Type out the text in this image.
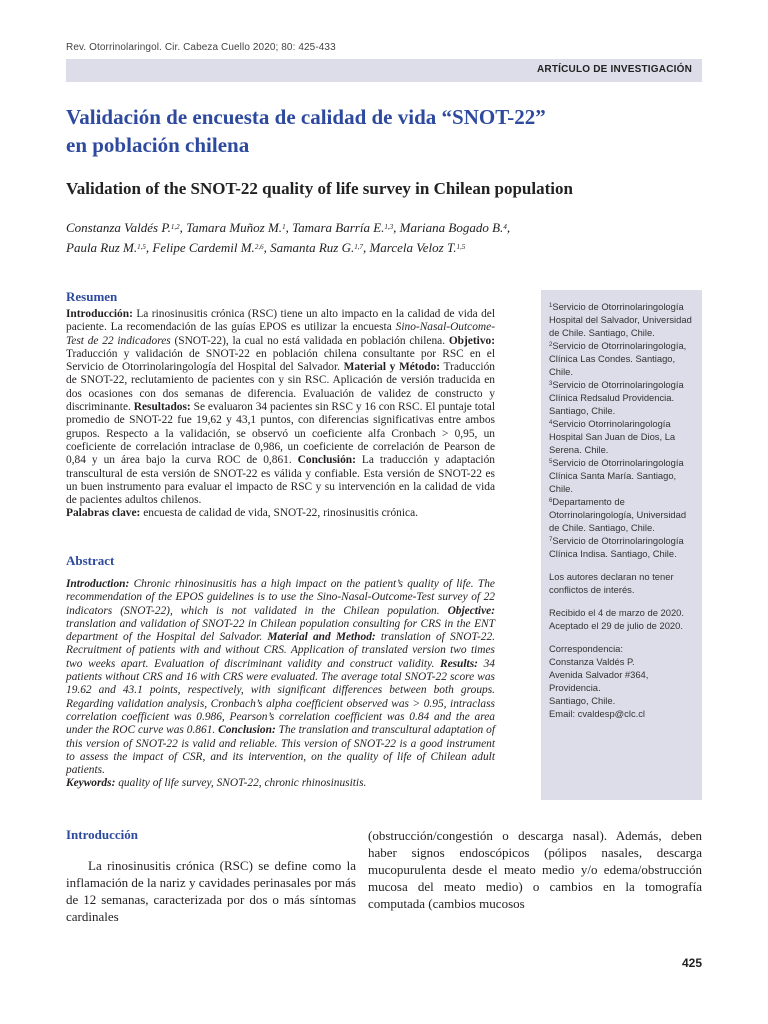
Rev. Otorrinolaringol. Cir. Cabeza Cuello 2020; 80: 425-433
ARTÍCULO DE INVESTIGACIÓN
Validación de encuesta de calidad de vida “SNOT-22”
en población chilena
Validation of the SNOT-22 quality of life survey in Chilean population
Constanza Valdés P.$^{1,2}$, Tamara Muñoz M.$^1$, Tamara Barría E.$^{1,3}$, Mariana Bogado B.$^4$,
Paula Ruz M.$^{1,5}$, Felipe Cardemil M.$^{2,6}$, Samanta Ruz G.$^{1,7}$, Marcela Veloz T.$^{1,5}$
Resumen
Introducción: La rinosinusitis crónica (RSC) tiene un alto impacto en la calidad de vida del paciente. La recomendación de las guías EPOS es utilizar la encuesta Sino-Nasal-Outcome-Test de 22 indicadores (SNOT-22), la cual no está validada en población chilena. Objetivo: Traducción y validación de SNOT-22 en población chilena consultante por RSC en el Servicio de Otorrinolaringología del Hospital del Salvador. Material y Método: Traducción de SNOT-22, reclutamiento de pacientes con y sin RSC. Aplicación de versión traducida en dos ocasiones con dos semanas de diferencia. Evaluación de validez de constructo y discriminante. Resultados: Se evaluaron 34 pacientes sin RSC y 16 con RSC. El puntaje total promedio de SNOT-22 fue 19,62 y 43,1 puntos, con diferencias significativas entre ambos grupos. Respecto a la validación, se observó un coeficiente alfa Cronbach > 0,95, un coeficiente de correlación intraclase de 0,986, un coeficiente de correlación de Pearson de 0,84 y un área bajo la curva ROC de 0,861. Conclusión: La traducción y adaptación transcultural de esta versión de SNOT-22 es válida y confiable. Esta versión de SNOT-22 es un buen instrumento para evaluar el impacto de RSC y su intervención en la calidad de vida de pacientes adultos chilenos.
Palabras clave: encuesta de calidad de vida, SNOT-22, rinosinusitis crónica.
Abstract
Introduction: Chronic rhinosinusitis has a high impact on the patient’s quality of life. The recommendation of the EPOS guidelines is to use the Sino-Nasal-Outcome-Test survey of 22 indicators (SNOT-22), which is not validated in the Chilean population. Objective: translation and validation of SNOT-22 in Chilean population consulting for CRS in the ENT department of the Hospital del Salvador. Material and Method: translation of SNOT-22. Recruitment of patients with and without CRS. Application of translated version two times two weeks apart. Evaluation of discriminant validity and construct validity. Results: 34 patients without CRS and 16 with CRS were evaluated. The average total SNOT-22 score was 19.62 and 43.1 points, respectively, with significant differences between both groups. Regarding validation analysis, Cronbach’s alpha coefficient observed was > 0.95, intraclass correlation coefficient was 0.986, Pearson’s correlation coefficient was 0.84 and the area under the ROC curve was 0.861. Conclusion: The translation and transcultural adaptation of this version of SNOT-22 is valid and reliable. This version of SNOT-22 is a good instrument to assess the impact of CSR, and its intervention, on the quality of life of Chilean adult patients.
Keywords: quality of life survey, SNOT-22, chronic rhinosinusitis.

$^1$Servicio de Otorrinolaringología Hospital del Salvador, Universidad de Chile. Santiago, Chile.
$^2$Servicio de Otorrinolaringología, Clínica Las Condes. Santiago, Chile.
$^3$Servicio de Otorrinolaringología Clínica Redsalud Providencia. Santiago, Chile.
$^4$Servicio Otorrinolaringología Hospital San Juan de Dios, La Serena. Chile.
$^5$Servicio de Otorrinolaringología Clínica Santa María. Santiago, Chile.
$^6$Departamento de Otorrinolaringología, Universidad de Chile. Santiago, Chile.
$^7$Servicio de Otorrinolaringología Clínica Indisa. Santiago, Chile.

Los autores declaran no tener conflictos de interés.

Recibido el 4 de marzo de 2020. Aceptado el 29 de julio de 2020.

Correspondencia:
Constanza Valdés P.
Avenida Salvador #364,
Providencia.
Santiago, Chile.
Email: cvaldesp@clc.cl

Introducción
La rinosinusitis crónica (RSC) se define como la inflamación de la nariz y cavidades perinasales por más de 12 semanas, caracterizada por dos o más síntomas cardinales
(obstrucción/congestión o descarga nasal). Además, deben haber signos endoscópicos (pólipos nasales, descarga mucopurulenta desde el meato medio y/o edema/obstrucción mucosa del meato medio) o cambios en la tomografía computada (cambios mucosos
425
